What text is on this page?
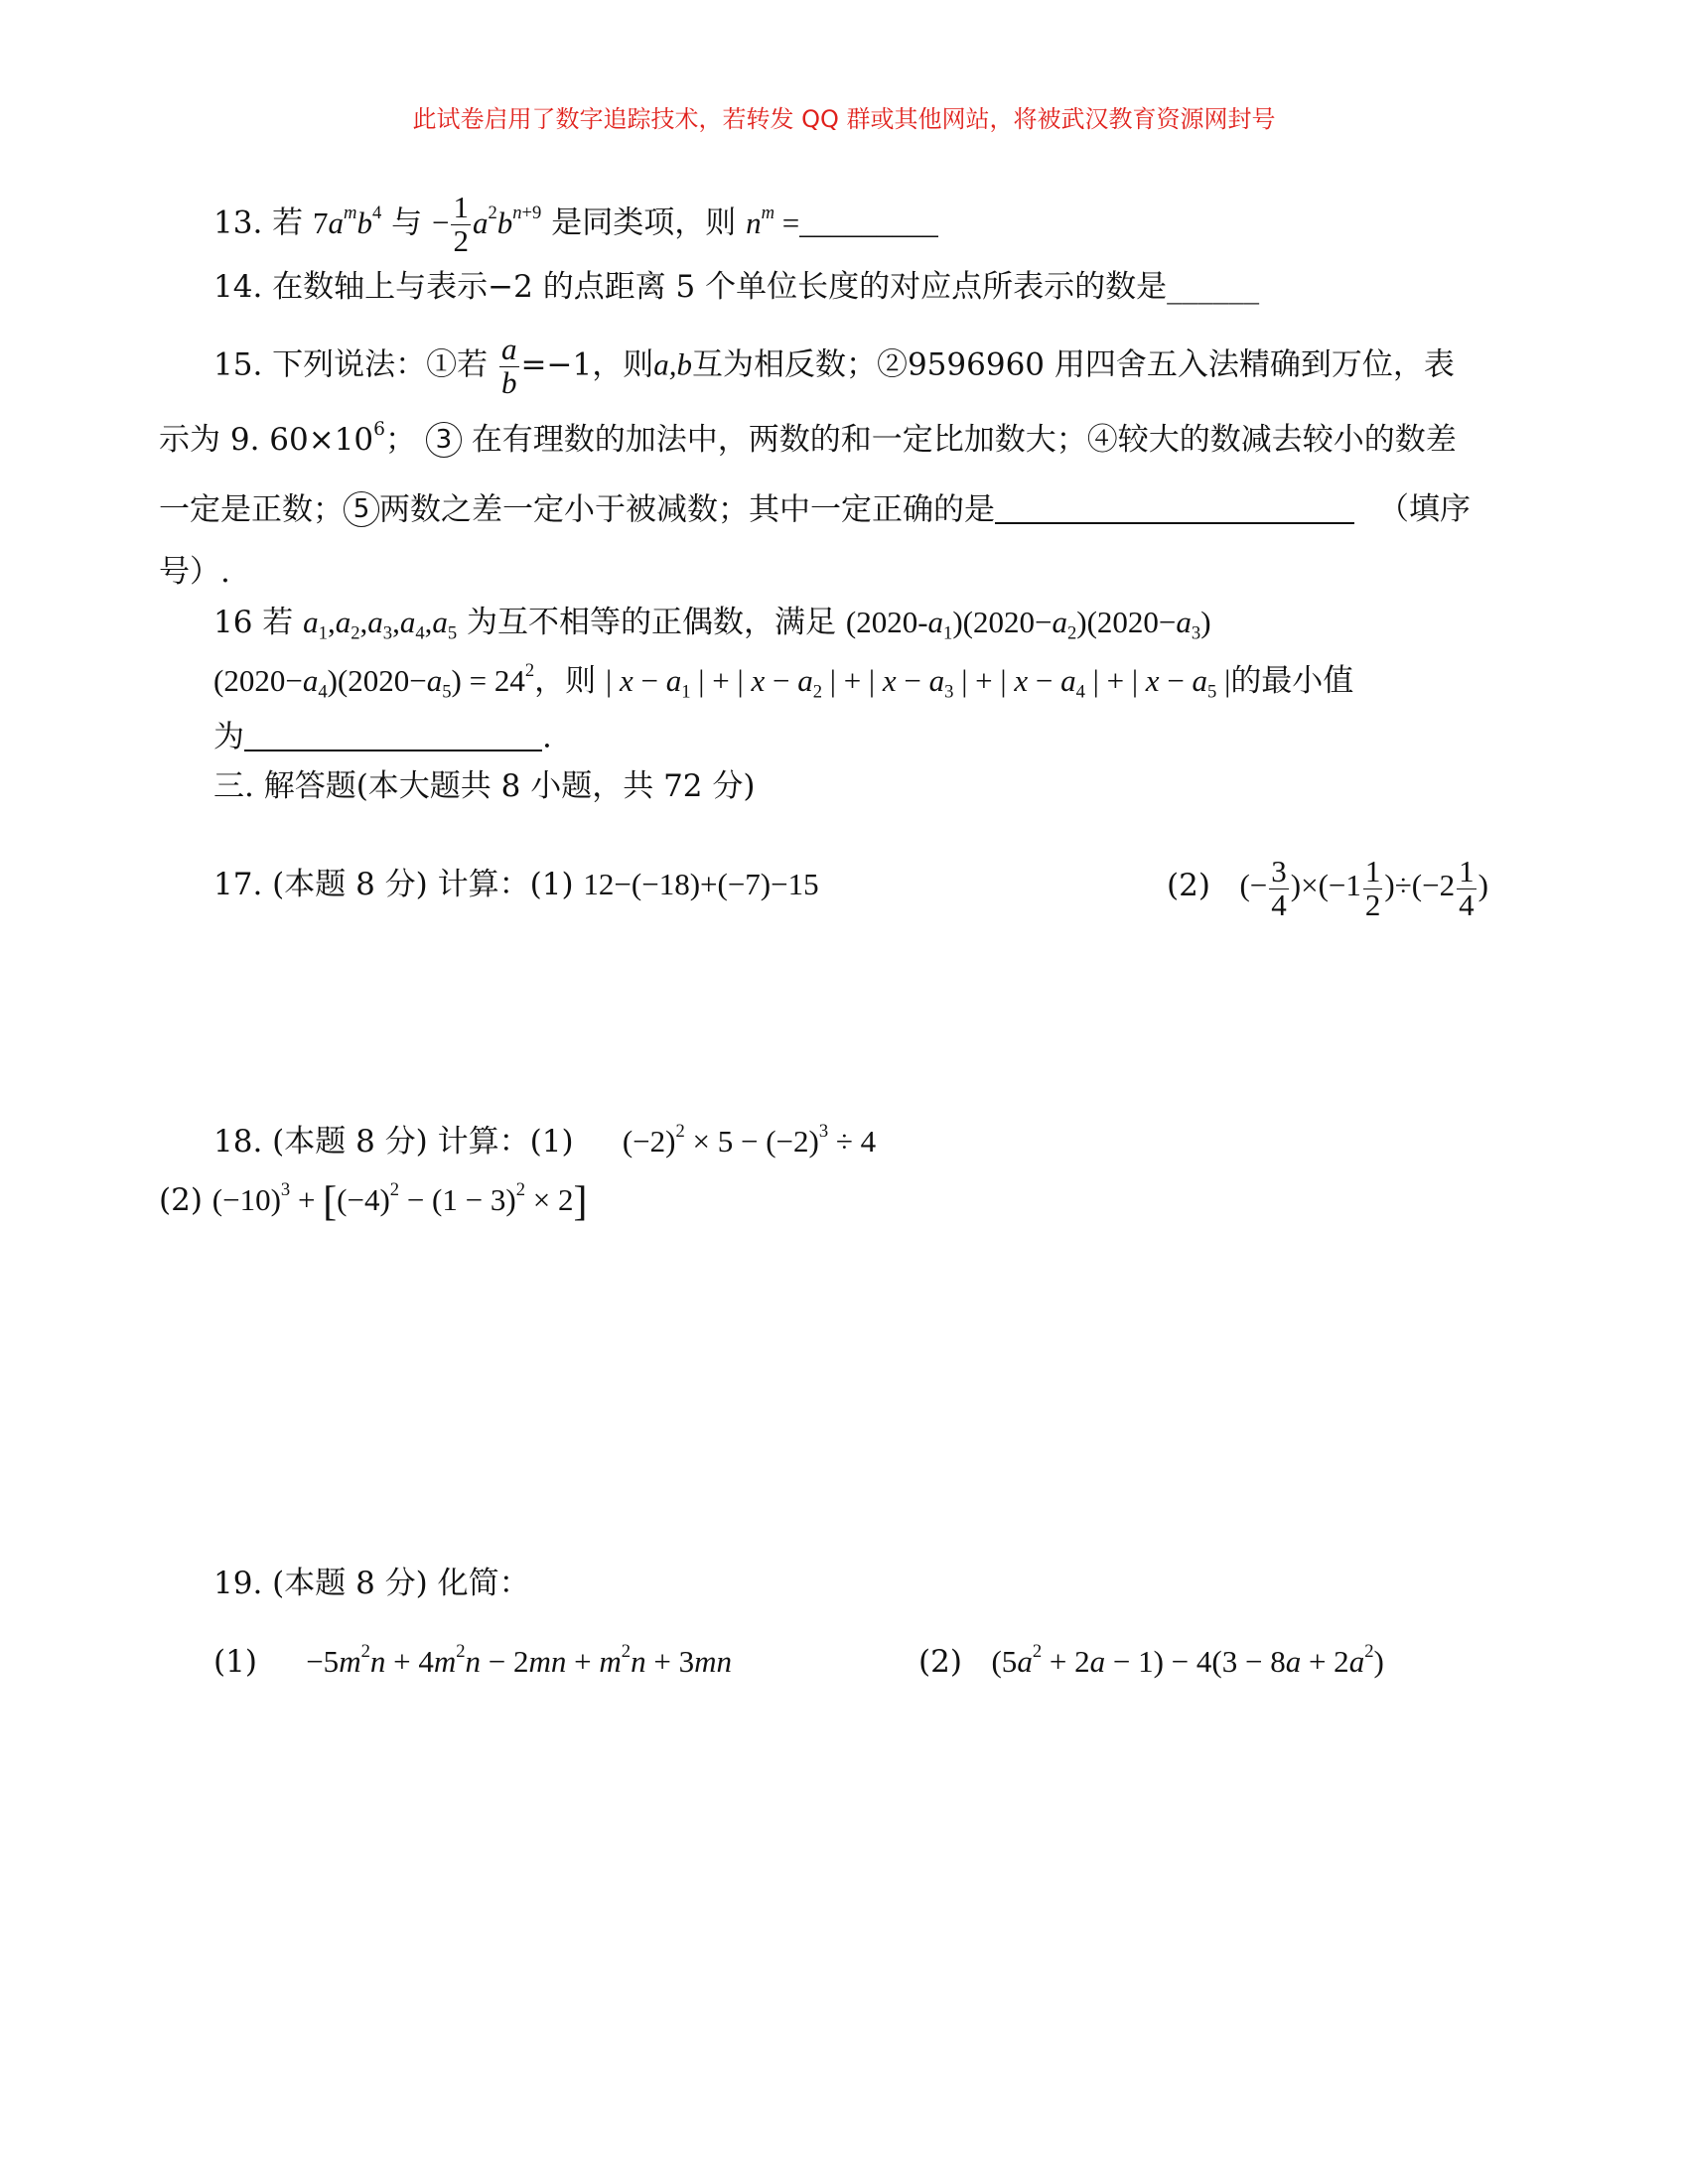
此试卷启用了数字追踪技术，若转发 QQ 群或其他网站，将被武汉教育资源网封号
13. 若 $7a^mb^4$ 与 − $\frac{1}{2} a^2b^{n+9}$ 是同类项，则 $n^m$ =_________
14. 在数轴上与表示−2 的点距离 5 个单位长度的对应点所表示的数是______
15. 下列说法：①若 $\frac{a}{b} =-1$，则a,b互为相反数；②9596960 用四舍五入法精确到万位，表
示为 9. $60\times 10^6$； 3 在有理数的加法中，两数的和一定比加数大；④较大的数减去较小的数差
一定是正数； 5 两数之差一定小于被减数；其中一定正确的是	（填序
号）.
16 若 $a_1,a_2,a_3,a_4,a_5$ 为互不相等的正偶数，满足 $(2020-a_1)(2020-a_2)(2020-a_3)$
$(2020-a_4)(2020-a_5) = 24^2$，则 | $x - a_1$ | + | $x - a_2$ | + | $x - a_3$ | + | $x - a_4$ | + | $x - a_5$ |的最小值
为	.
三. 解答题(本大题共 8 小题，共 72 分)
17. (本题 8 分) 计算：(1) 12−(−18)+(−7)−15	(2) (− $\frac{3}{4} )\times(-1 \frac{1}{2} )\div(-2 \frac{1}{4}$ )
18. (本题 8 分) 计算：(1) $(-2)^2 \times 5 - (-2)^3 \div 4$
(2) $(-10)^3 + [(-4)^2 - (1 - 3)^2 \times 2]$
19. (本题 8 分) 化简：
$(1) -5m^2n + 4m^2n - 2mn + m^2n + 3mn$	(2) $(5a^2 + 2a - 1) - 4(3 - 8a + 2a^2)$
